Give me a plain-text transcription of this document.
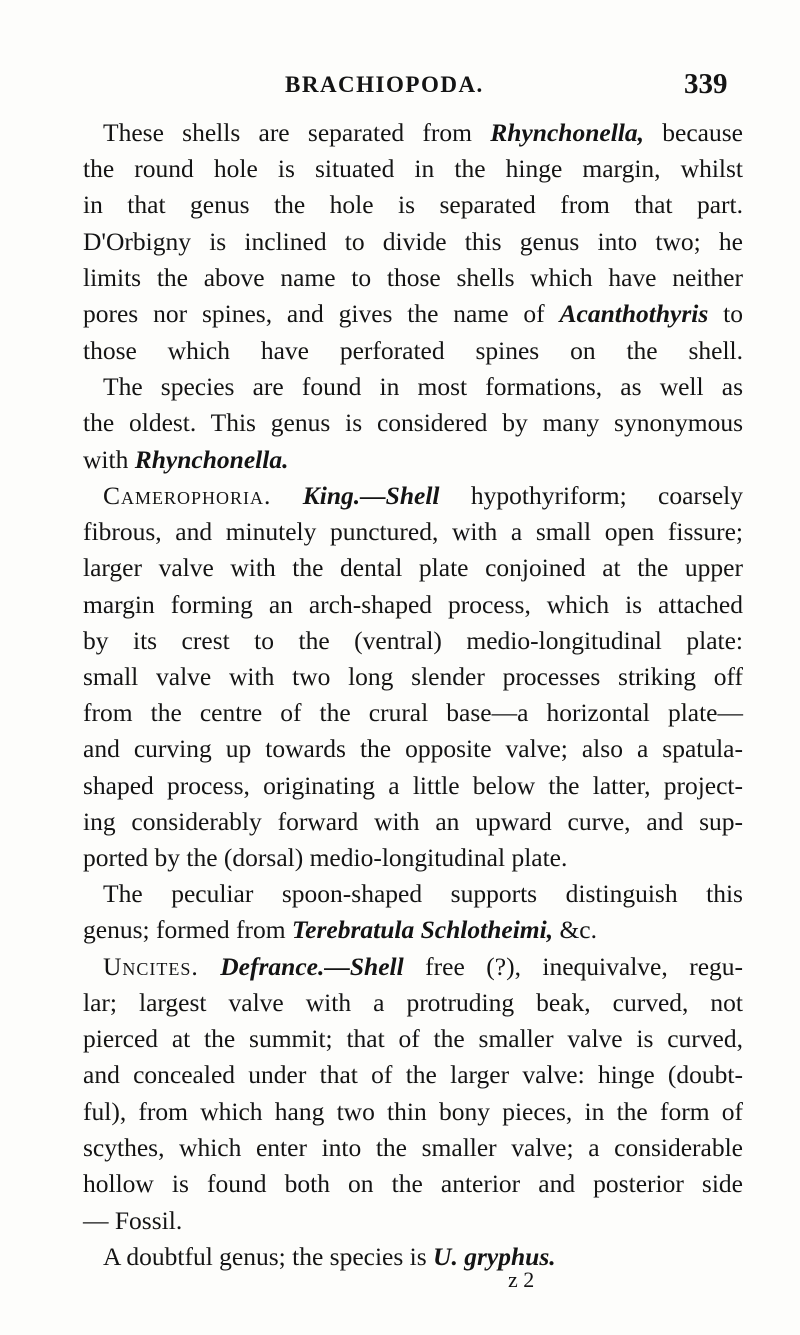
BRACHIOPODA.	339
These shells are separated from Rhynchonella, because
the round hole is situated in the hinge margin, whilst
in that genus the hole is separated from that part.
D'Orbigny is inclined to divide this genus into two; he
limits the above name to those shells which have neither
pores nor spines, and gives the name of Acanthothyris to
those which have perforated spines on the shell.
The species are found in most formations, as well as
the oldest. This genus is considered by many synonymous
with Rhynchonella.
Camerophoria. King.—Shell hypothyriform; coarsely
fibrous, and minutely punctured, with a small open fissure;
larger valve with the dental plate conjoined at the upper
margin forming an arch-shaped process, which is attached
by its crest to the (ventral) medio-longitudinal plate:
small valve with two long slender processes striking off
from the centre of the crural base—a horizontal plate—
and curving up towards the opposite valve; also a spatula-
shaped process, originating a little below the latter, project-
ing considerably forward with an upward curve, and sup-
ported by the (dorsal) medio-longitudinal plate.
The peculiar spoon-shaped supports distinguish this
genus; formed from Terebratula Schlotheimi, &c.
Uncites. Defrance.—Shell free (?), inequivalve, regu-
lar; largest valve with a protruding beak, curved, not
pierced at the summit; that of the smaller valve is curved,
and concealed under that of the larger valve: hinge (doubt-
ful), from which hang two thin bony pieces, in the form of
scythes, which enter into the smaller valve; a considerable
hollow is found both on the anterior and posterior side
— Fossil.
A doubtful genus; the species is U. gryphus.
z 2
